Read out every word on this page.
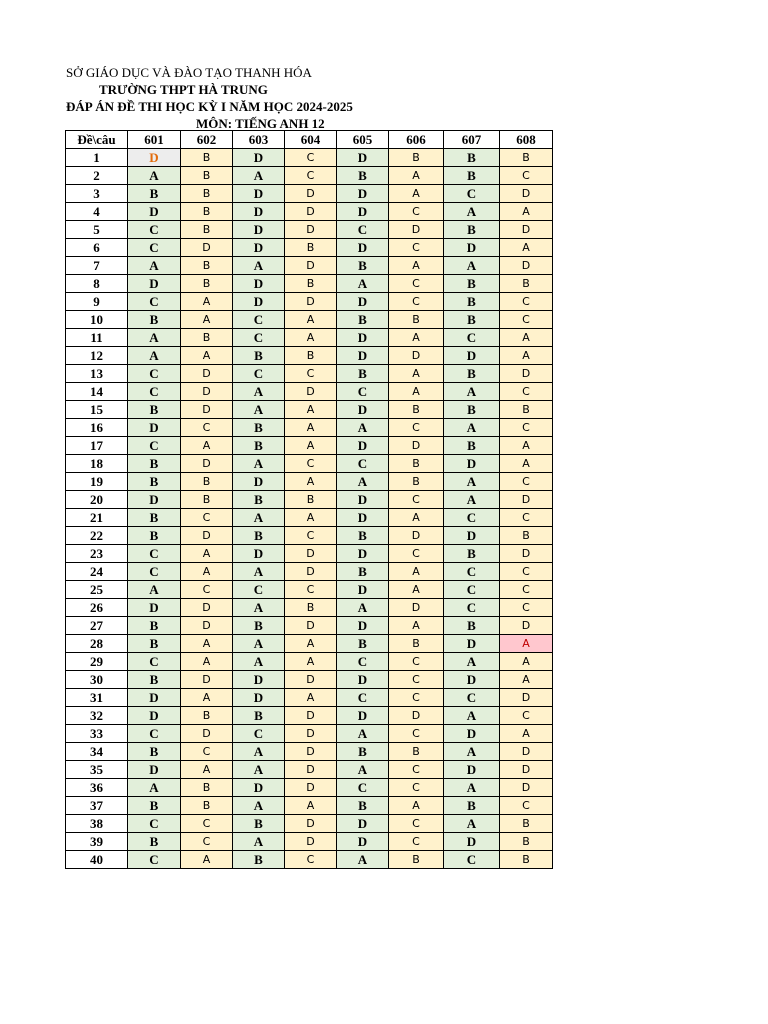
SỞ GIÁO DỤC VÀ ĐÀO TẠO THANH HÓA
TRƯỜNG THPT HÀ TRUNG
ĐÁP ÁN ĐỀ THI HỌC KỲ I NĂM HỌC 2024-2025
MÔN: TIẾNG ANH 12
Đề\câu	601	602	603	604	605	606	607	608
1	D	B	D	C	D	B	B	B
2	A	B	A	C	B	A	B	C
3	B	B	D	D	D	A	C	D
4	D	B	D	D	D	C	A	A
5	C	B	D	D	C	D	B	D
6	C	D	D	B	D	C	D	A
7	A	B	A	D	B	A	A	D
8	D	B	D	B	A	C	B	B
9	C	A	D	D	D	C	B	C
10	B	A	C	A	B	B	B	C
11	A	B	C	A	D	A	C	A
12	A	A	B	B	D	D	D	A
13	C	D	C	C	B	A	B	D
14	C	D	A	D	C	A	A	C
15	B	D	A	A	D	B	B	B
16	D	C	B	A	A	C	A	C
17	C	A	B	A	D	D	B	A
18	B	D	A	C	C	B	D	A
19	B	B	D	A	A	B	A	C
20	D	B	B	B	D	C	A	D
21	B	C	A	A	D	A	C	C
22	B	D	B	C	B	D	D	B
23	C	A	D	D	D	C	B	D
24	C	A	A	D	B	A	C	C
25	A	C	C	C	D	A	C	C
26	D	D	A	B	A	D	C	C
27	B	D	B	D	D	A	B	D
28	B	A	A	A	B	B	D	A
29	C	A	A	A	C	C	A	A
30	B	D	D	D	D	C	D	A
31	D	A	D	A	C	C	C	D
32	D	B	B	D	D	D	A	C
33	C	D	C	D	A	C	D	A
34	B	C	A	D	B	B	A	D
35	D	A	A	D	A	C	D	D
36	A	B	D	D	C	C	A	D
37	B	B	A	A	B	A	B	C
38	C	C	B	D	D	C	A	B
39	B	C	A	D	D	C	D	B
40	C	A	B	C	A	B	C	B
